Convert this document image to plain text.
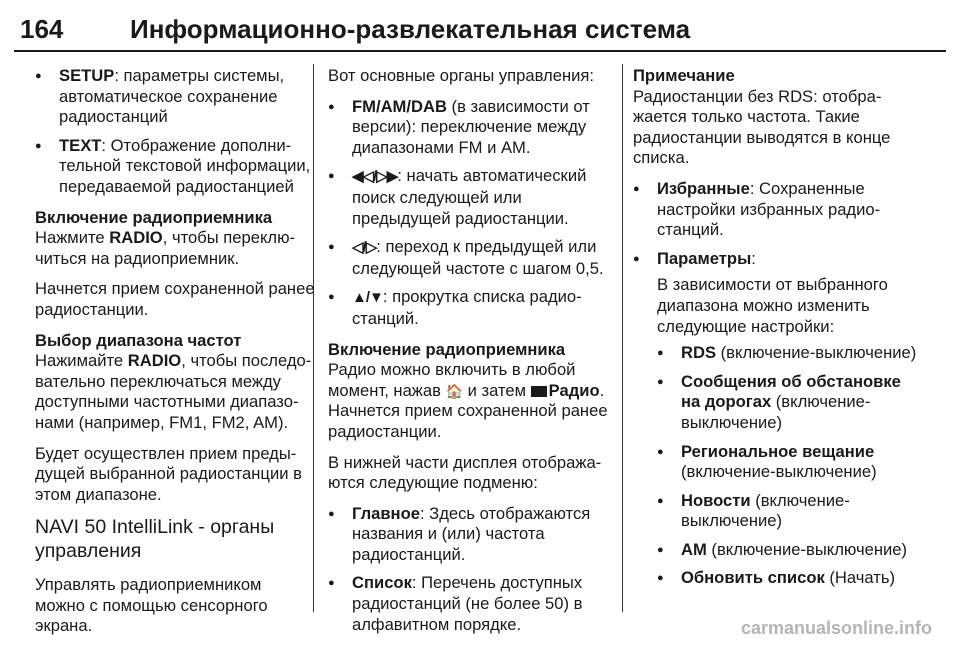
164	Информационно-развлекательная система
● SETUP: параметры системы, автоматическое сохранение радиостанций
● TEXT: Отображение дополнительной текстовой информации, передаваемой радиостанцией

Включение радиоприемника

Нажмите RADIO, чтобы переключиться на радиоприемник.

Начнется прием сохраненной ранее радиостанции.

Выбор диапазона частот

Нажимайте RADIO, чтобы последовательно переключаться между доступными частотными диапазонами (например, FM1, FM2, AM).

Будет осуществлен прием предыдущей выбранной радиостанции в этом диапазоне.

NAVI 50 IntelliLink - органы управления

Управлять радиоприемником можно с помощью сенсорного экрана.

Вот основные органы управления:

● FM/AM/DAB (в зависимости от версии): переключение между диапазонами FM и AM.
● ◀◁/▷▶: начать автоматический поиск следующей или предыдущей радиостанции.
● ◁/▷: переход к предыдущей или следующей частоте с шагом 0,5.
● ▲/▼: прокрутка списка радиостанций.

Включение радиоприемника

Радио можно включить в любой момент, нажав 🏠 и затем Радио. Начнется прием сохраненной ранее радиостанции.

В нижней части дисплея отображаются следующие подменю:

● Главное: Здесь отображаются названия и (или) частота радиостанций.
● Список: Перечень доступных радиостанций (не более 50) в алфавитном порядке.

Примечание

Радиостанции без RDS: отображается только частота. Такие радиостанции выводятся в конце списка.

● Избранные: Сохраненные настройки избранных радиостанций.
● Параметры:
В зависимости от выбранного диапазона можно изменить следующие настройки:
● RDS (включение-выключение)
● Сообщения об обстановке на дорогах (включение-выключение)
● Региональное вещание (включение-выключение)
● Новости (включение-выключение)
● AM (включение-выключение)
● Обновить список (Начать)
carmanualsonline.info
